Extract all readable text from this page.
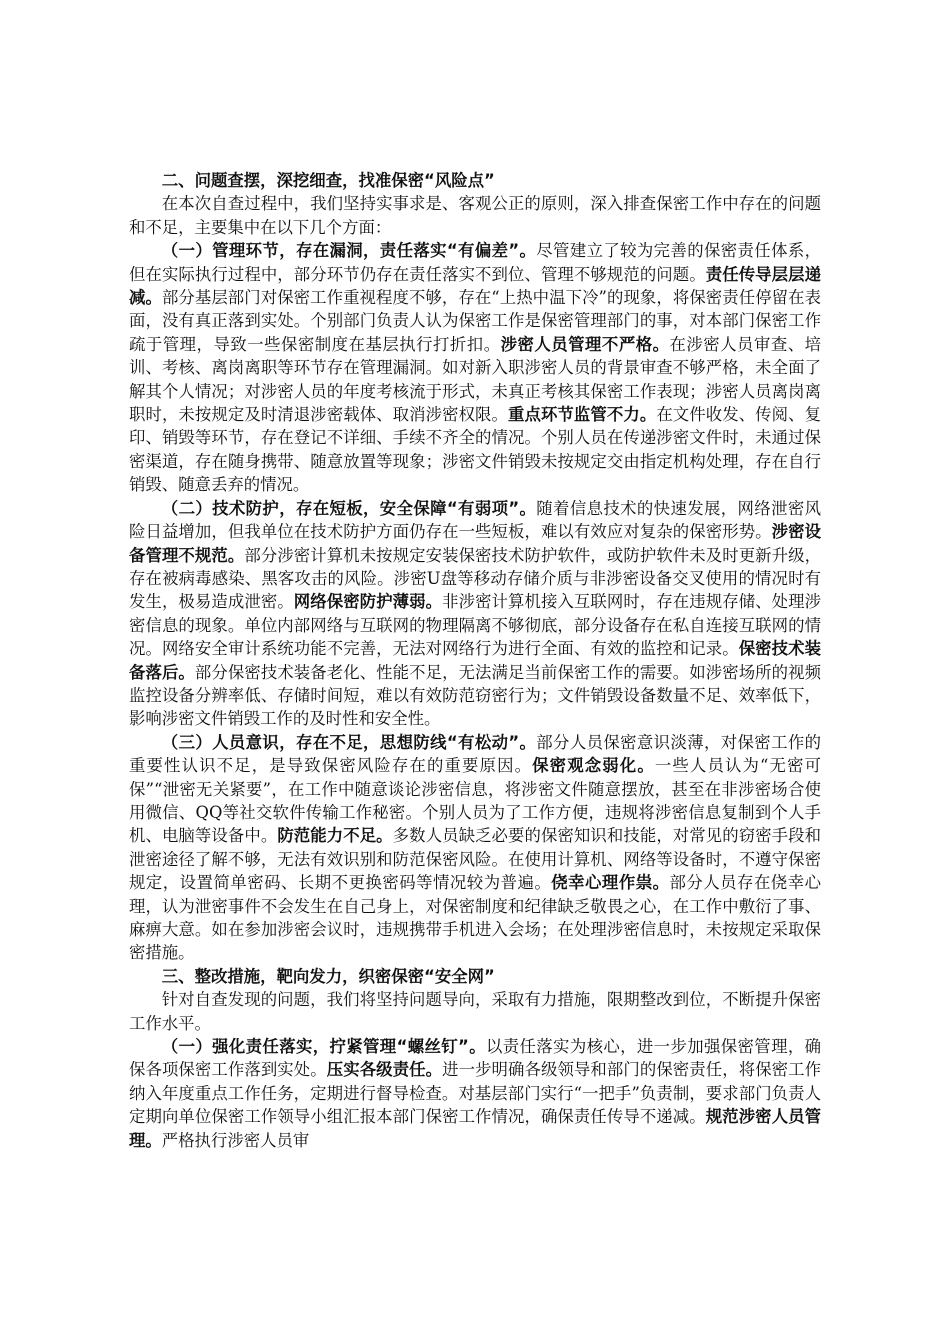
二、问题查摆，深挖细查，找准保密“风险点”

在本次自查过程中，我们坚持实事求是、客观公正的原则，深入排查保密工作中存在的问题和不足，主要集中在以下几个方面：

（一）管理环节，存在漏洞，责任落实“有偏差”。尽管建立了较为完善的保密责任体系，但在实际执行过程中，部分环节仍存在责任落实不到位、管理不够规范的问题。责任传导层层递减。部分基层部门对保密工作重视程度不够，存在“上热中温下冷”的现象，将保密责任停留在表面，没有真正落到实处。个别部门负责人认为保密工作是保密管理部门的事，对本部门保密工作疏于管理，导致一些保密制度在基层执行打折扣。涉密人员管理不严格。在涉密人员审查、培训、考核、离岗离职等环节存在管理漏洞。如对新入职涉密人员的背景审查不够严格，未全面了解其个人情况；对涉密人员的年度考核流于形式，未真正考核其保密工作表现；涉密人员离岗离职时，未按规定及时清退涉密载体、取消涉密权限。重点环节监管不力。在文件收发、传阅、复印、销毁等环节，存在登记不详细、手续不齐全的情况。个别人员在传递涉密文件时，未通过保密渠道，存在随身携带、随意放置等现象；涉密文件销毁未按规定交由指定机构处理，存在自行销毁、随意丢弃的情况。

（二）技术防护，存在短板，安全保障“有弱项”。随着信息技术的快速发展，网络泄密风险日益增加，但我单位在技术防护方面仍存在一些短板，难以有效应对复杂的保密形势。涉密设备管理不规范。部分涉密计算机未按规定安装保密技术防护软件，或防护软件未及时更新升级，存在被病毒感染、黑客攻击的风险。涉密U盘等移动存储介质与非涉密设备交叉使用的情况时有发生，极易造成泄密。网络保密防护薄弱。非涉密计算机接入互联网时，存在违规存储、处理涉密信息的现象。单位内部网络与互联网的物理隔离不够彻底，部分设备存在私自连接互联网的情况。网络安全审计系统功能不完善，无法对网络行为进行全面、有效的监控和记录。保密技术装备落后。部分保密技术装备老化、性能不足，无法满足当前保密工作的需要。如涉密场所的视频监控设备分辨率低、存储时间短，难以有效防范窃密行为；文件销毁设备数量不足、效率低下，影响涉密文件销毁工作的及时性和安全性。

（三）人员意识，存在不足，思想防线“有松动”。部分人员保密意识淡薄，对保密工作的重要性认识不足，是导致保密风险存在的重要原因。保密观念弱化。一些人员认为“无密可保”“泄密无关紧要”，在工作中随意谈论涉密信息，将涉密文件随意摆放，甚至在非涉密场合使用微信、QQ等社交软件传输工作秘密。个别人员为了工作方便，违规将涉密信息复制到个人手机、电脑等设备中。防范能力不足。多数人员缺乏必要的保密知识和技能，对常见的窃密手段和泄密途径了解不够，无法有效识别和防范保密风险。在使用计算机、网络等设备时，不遵守保密规定，设置简单密码、长期不更换密码等情况较为普遍。侥幸心理作祟。部分人员存在侥幸心理，认为泄密事件不会发生在自己身上，对保密制度和纪律缺乏敬畏之心，在工作中敷衍了事、麻痹大意。如在参加涉密会议时，违规携带手机进入会场；在处理涉密信息时，未按规定采取保密措施。

三、整改措施，靶向发力，织密保密“安全网”

针对自查发现的问题，我们将坚持问题导向，采取有力措施，限期整改到位，不断提升保密工作水平。

（一）强化责任落实，拧紧管理“螺丝钉”。以责任落实为核心，进一步加强保密管理，确保各项保密工作落到实处。压实各级责任。进一步明确各级领导和部门的保密责任，将保密工作纳入年度重点工作任务，定期进行督导检查。对基层部门实行“一把手”负责制，要求部门负责人定期向单位保密工作领导小组汇报本部门保密工作情况，确保责任传导不递减。规范涉密人员管理。严格执行涉密人员审
